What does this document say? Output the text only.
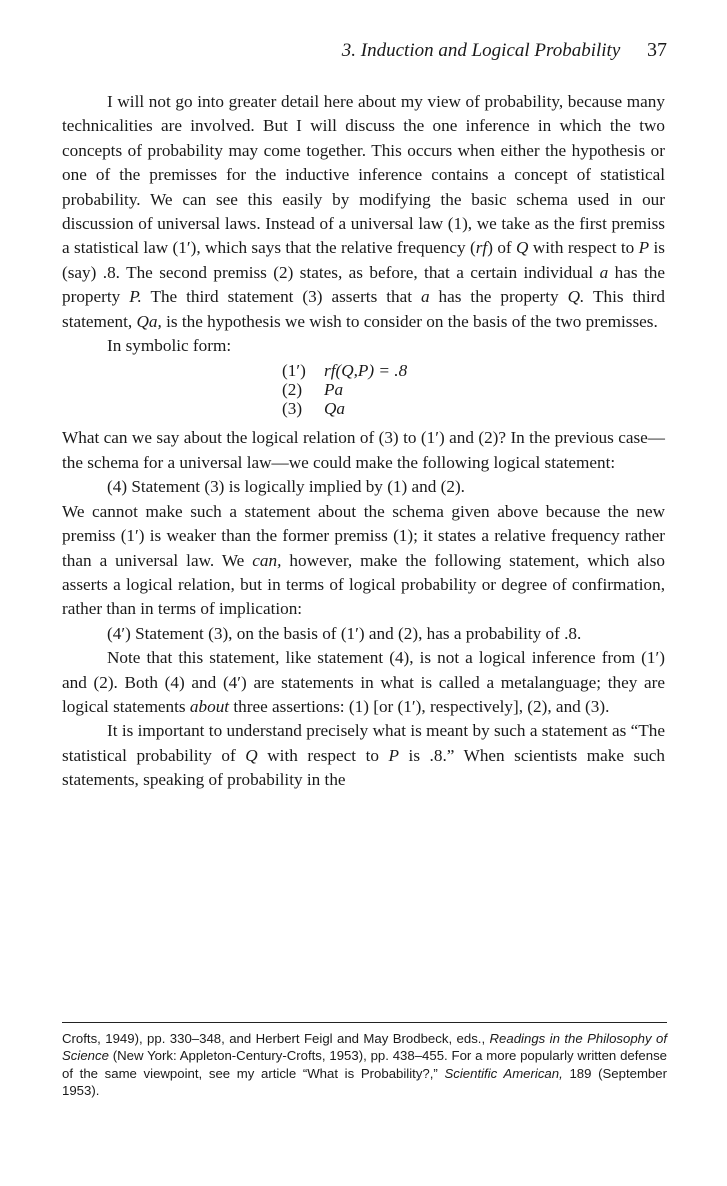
3. Induction and Logical Probability 37

I will not go into greater detail here about my view of probability, because many technicalities are involved. But I will discuss the one inference in which the two concepts of probability may come together. This occurs when either the hypothesis or one of the premisses for the inductive inference contains a concept of statistical probability. We can see this easily by modifying the basic schema used in our discussion of universal laws. Instead of a universal law (1), we take as the first premiss a statistical law (1′), which says that the relative frequency (rf) of Q with respect to P is (say) .8. The second premiss (2) states, as before, that a certain individual a has the property P. The third statement (3) asserts that a has the property Q. This third statement, Qa, is the hypothesis we wish to consider on the basis of the two premisses.

In symbolic form:

(1′) rf(Q,P) = .8
(2) Pa
(3) Qa

What can we say about the logical relation of (3) to (1′) and (2)? In the previous case—the schema for a universal law—we could make the following logical statement:

(4) Statement (3) is logically implied by (1) and (2).

We cannot make such a statement about the schema given above because the new premiss (1′) is weaker than the former premiss (1); it states a relative frequency rather than a universal law. We can, however, make the following statement, which also asserts a logical relation, but in terms of logical probability or degree of confirmation, rather than in terms of implication:

(4′) Statement (3), on the basis of (1′) and (2), has a probability of .8.

Note that this statement, like statement (4), is not a logical inference from (1′) and (2). Both (4) and (4′) are statements in what is called a metalanguage; they are logical statements about three assertions: (1) [or (1′), respectively], (2), and (3).

It is important to understand precisely what is meant by such a statement as “The statistical probability of Q with respect to P is .8.” When scientists make such statements, speaking of probability in the

Crofts, 1949), pp. 330–348, and Herbert Feigl and May Brodbeck, eds., Readings in the Philosophy of Science (New York: Appleton-Century-Crofts, 1953), pp. 438–455. For a more popularly written defense of the same viewpoint, see my article “What is Probability?,” Scientific American, 189 (September 1953).
